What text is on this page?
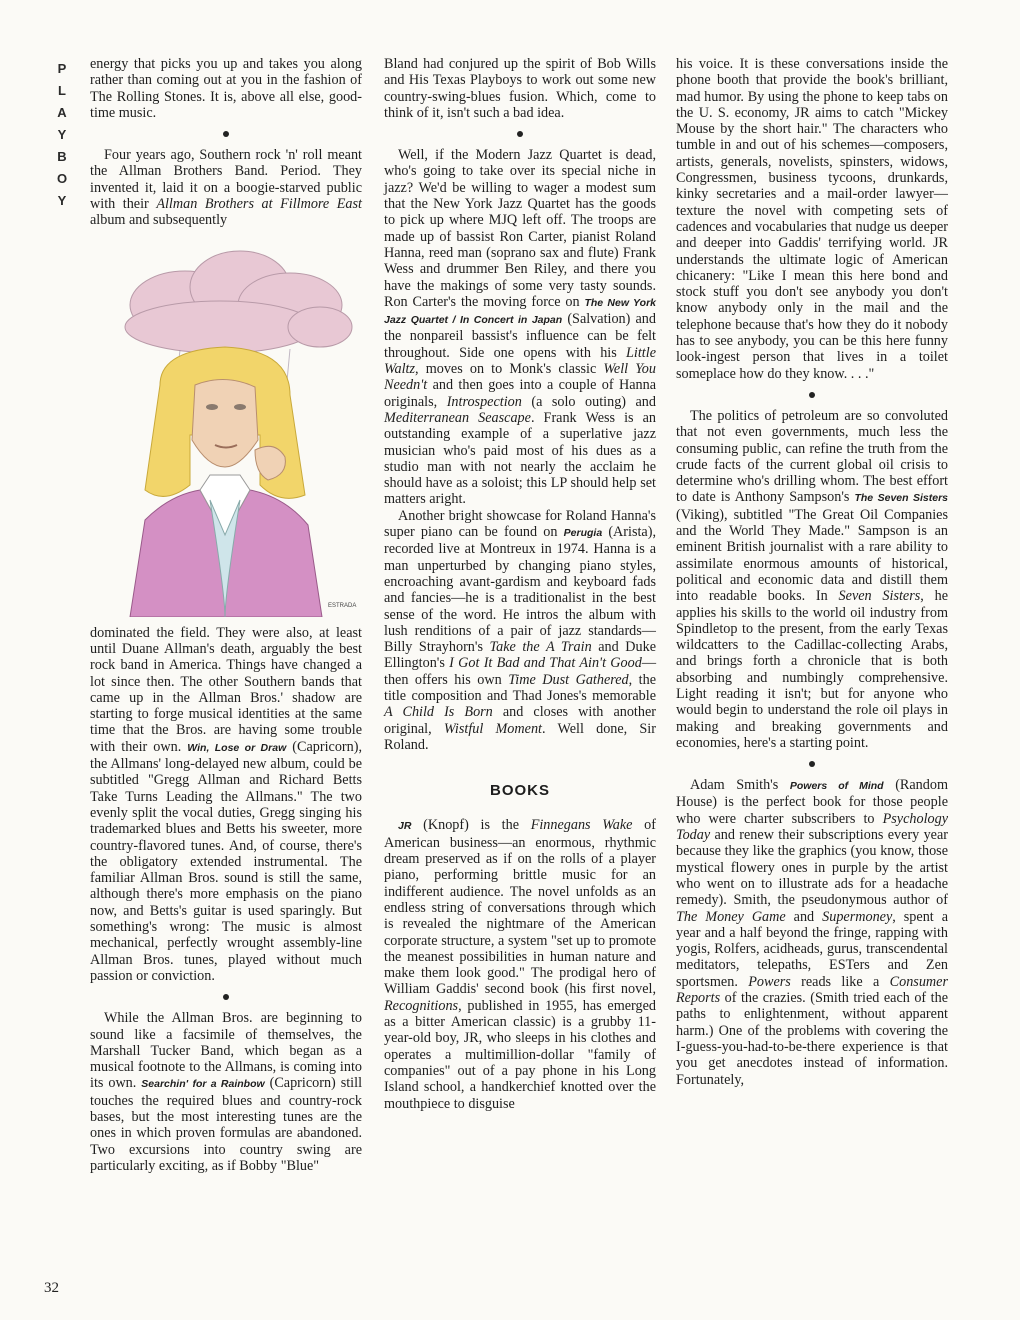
P
L
A
Y
B
O
Y
32

energy that picks you up and takes you along rather than coming out at you in the fashion of The Rolling Stones. It is, above all else, good-time music.

Four years ago, Southern rock 'n' roll meant the Allman Brothers Band. Period. They invented it, laid it on a boogie-starved public with their Allman Brothers at Fillmore East album and subsequently

ESTRADA

dominated the field. They were also, at least until Duane Allman's death, arguably the best rock band in America. Things have changed a lot since then. The other Southern bands that came up in the Allman Bros.' shadow are starting to forge musical identities at the same time that the Bros. are having some trouble with their own. Win, Lose or Draw (Capricorn), the Allmans' long-delayed new album, could be subtitled "Gregg Allman and Richard Betts Take Turns Leading the Allmans." The two evenly split the vocal duties, Gregg singing his trademarked blues and Betts his sweeter, more country-flavored tunes. And, of course, there's the obligatory extended instrumental. The familiar Allman Bros. sound is still the same, although there's more emphasis on the piano now, and Betts's guitar is used sparingly. But something's wrong: The music is almost mechanical, perfectly wrought assembly-line Allman Bros. tunes, played without much passion or conviction.

While the Allman Bros. are beginning to sound like a facsimile of themselves, the Marshall Tucker Band, which began as a musical footnote to the Allmans, is coming into its own. Searchin' for a Rainbow (Capricorn) still touches the required blues and country-rock bases, but the most interesting tunes are the ones in which proven formulas are abandoned. Two excursions into country swing are particularly exciting, as if Bobby "Blue"

Bland had conjured up the spirit of Bob Wills and His Texas Playboys to work out some new country-swing-blues fusion. Which, come to think of it, isn't such a bad idea.

Well, if the Modern Jazz Quartet is dead, who's going to take over its special niche in jazz? We'd be willing to wager a modest sum that the New York Jazz Quartet has the goods to pick up where MJQ left off. The troops are made up of bassist Ron Carter, pianist Roland Hanna, reed man (soprano sax and flute) Frank Wess and drummer Ben Riley, and there you have the makings of some very tasty sounds. Ron Carter's the moving force on The New York Jazz Quartet / In Concert in Japan (Salvation) and the nonpareil bassist's influence can be felt throughout. Side one opens with his Little Waltz, moves on to Monk's classic Well You Needn't and then goes into a couple of Hanna originals, Introspection (a solo outing) and Mediterranean Seascape. Frank Wess is an outstanding example of a superlative jazz musician who's paid most of his dues as a studio man with not nearly the acclaim he should have as a soloist; this LP should help set matters aright.

Another bright showcase for Roland Hanna's super piano can be found on Perugia (Arista), recorded live at Montreux in 1974. Hanna is a man unperturbed by changing piano styles, encroaching avant-gardism and keyboard fads and fancies—he is a traditionalist in the best sense of the word. He intros the album with lush renditions of a pair of jazz standards—Billy Strayhorn's Take the A Train and Duke Ellington's I Got It Bad and That Ain't Good—then offers his own Time Dust Gathered, the title composition and Thad Jones's memorable A Child Is Born and closes with another original, Wistful Moment. Well done, Sir Roland.

BOOKS

JR (Knopf) is the Finnegans Wake of American business—an enormous, rhythmic dream preserved as if on the rolls of a player piano, performing brittle music for an indifferent audience. The novel unfolds as an endless string of conversations through which is revealed the nightmare of the American corporate structure, a system "set up to promote the meanest possibilities in human nature and make them look good." The prodigal hero of William Gaddis' second book (his first novel, Recognitions, published in 1955, has emerged as a bitter American classic) is a grubby 11-year-old boy, JR, who sleeps in his clothes and operates a multimillion-dollar "family of companies" out of a pay phone in his Long Island school, a handkerchief knotted over the mouthpiece to disguise

his voice. It is these conversations inside the phone booth that provide the book's brilliant, mad humor. By using the phone to keep tabs on the U. S. economy, JR aims to catch "Mickey Mouse by the short hair." The characters who tumble in and out of his schemes—composers, artists, generals, novelists, spinsters, widows, Congressmen, business tycoons, drunkards, kinky secretaries and a mail-order lawyer—texture the novel with competing sets of cadences and vocabularies that nudge us deeper and deeper into Gaddis' terrifying world. JR understands the ultimate logic of American chicanery: "Like I mean this here bond and stock stuff you don't see anybody you don't know anybody only in the mail and the telephone because that's how they do it nobody has to see anybody, you can be this here funny look-ingest person that lives in a toilet someplace how do they know. . . ."

The politics of petroleum are so convoluted that not even governments, much less the consuming public, can refine the truth from the crude facts of the current global oil crisis to determine who's drilling whom. The best effort to date is Anthony Sampson's The Seven Sisters (Viking), subtitled "The Great Oil Companies and the World They Made." Sampson is an eminent British journalist with a rare ability to assimilate enormous amounts of historical, political and economic data and distill them into readable books. In Seven Sisters, he applies his skills to the world oil industry from Spindletop to the present, from the early Texas wildcatters to the Cadillac-collecting Arabs, and brings forth a chronicle that is both absorbing and numbingly comprehensive. Light reading it isn't; but for anyone who would begin to understand the role oil plays in making and breaking governments and economies, here's a starting point.

Adam Smith's Powers of Mind (Random House) is the perfect book for those people who were charter subscribers to Psychology Today and renew their subscriptions every year because they like the graphics (you know, those mystical flowery ones in purple by the artist who went on to illustrate ads for a headache remedy). Smith, the pseudonymous author of The Money Game and Supermoney, spent a year and a half beyond the fringe, rapping with yogis, Rolfers, acidheads, gurus, transcendental meditators, telepaths, ESTers and Zen sportsmen. Powers reads like a Consumer Reports of the crazies. (Smith tried each of the paths to enlightenment, without apparent harm.) One of the problems with covering the I-guess-you-had-to-be-there experience is that you get anecdotes instead of information. Fortunately,
